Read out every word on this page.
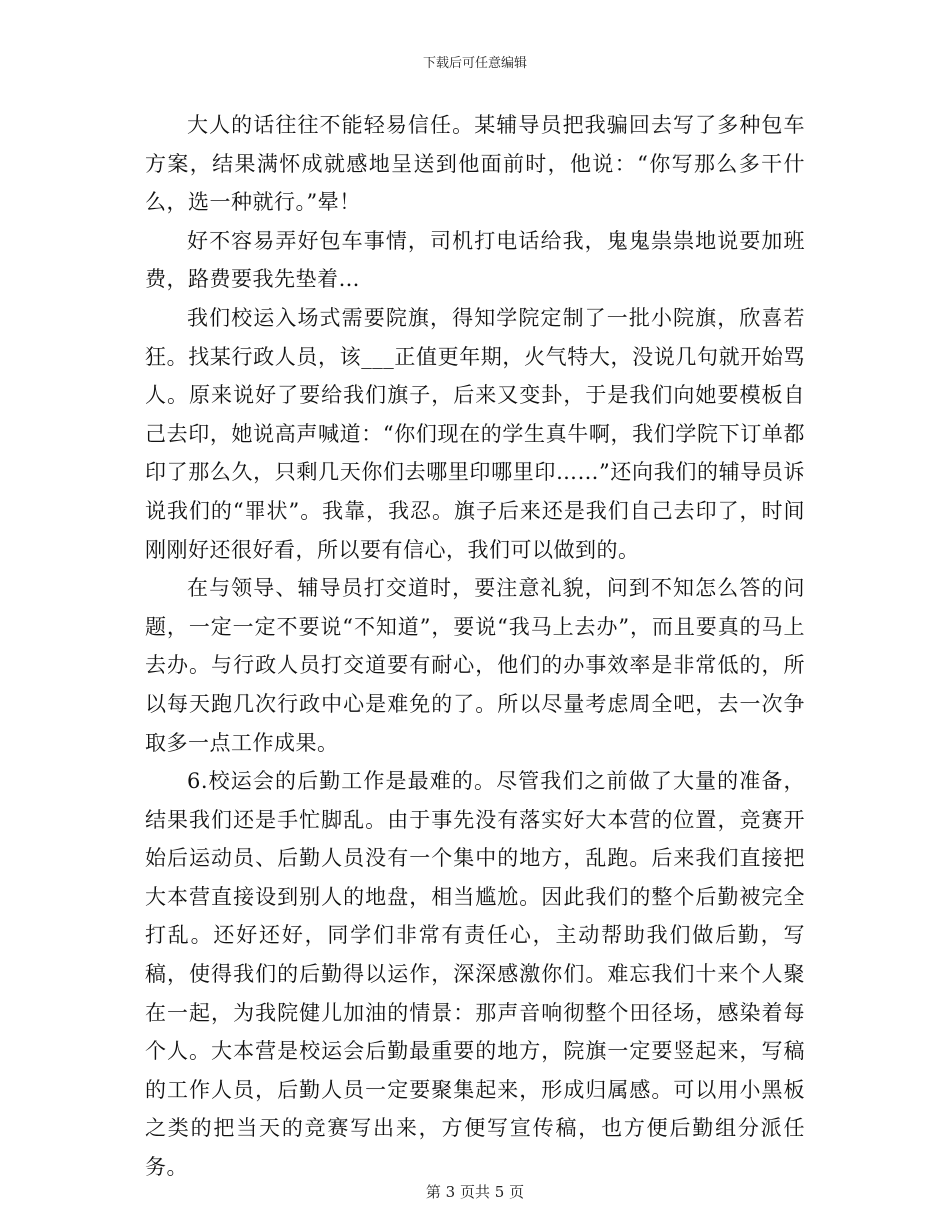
下载后可任意编辑

大人的话往往不能轻易信任。某辅导员把我骗回去写了多种包车方案，结果满怀成就感地呈送到他面前时，他说：“你写那么多干什么，选一种就行。”晕！

好不容易弄好包车事情，司机打电话给我，鬼鬼祟祟地说要加班费，路费要我先垫着…

我们校运入场式需要院旗，得知学院定制了一批小院旗，欣喜若狂。找某行政人员，该___正值更年期，火气特大，没说几句就开始骂人。原来说好了要给我们旗子，后来又变卦，于是我们向她要模板自己去印，她说高声喊道：“你们现在的学生真牛啊，我们学院下订单都印了那么久，只剩几天你们去哪里印哪里印……”还向我们的辅导员诉说我们的“罪状”。我靠，我忍。旗子后来还是我们自己去印了，时间刚刚好还很好看，所以要有信心，我们可以做到的。

在与领导、辅导员打交道时，要注意礼貌，问到不知怎么答的问题，一定一定不要说“不知道”，要说“我马上去办”，而且要真的马上去办。与行政人员打交道要有耐心，他们的办事效率是非常低的，所以每天跑几次行政中心是难免的了。所以尽量考虑周全吧，去一次争取多一点工作成果。

6.校运会的后勤工作是最难的。尽管我们之前做了大量的准备，结果我们还是手忙脚乱。由于事先没有落实好大本营的位置，竞赛开始后运动员、后勤人员没有一个集中的地方，乱跑。后来我们直接把大本营直接设到别人的地盘，相当尴尬。因此我们的整个后勤被完全打乱。还好还好，同学们非常有责任心，主动帮助我们做后勤，写稿，使得我们的后勤得以运作，深深感激你们。难忘我们十来个人聚在一起，为我院健儿加油的情景：那声音响彻整个田径场，感染着每个人。大本营是校运会后勤最重要的地方，院旗一定要竖起来，写稿的工作人员，后勤人员一定要聚集起来，形成归属感。可以用小黑板之类的把当天的竞赛写出来，方便写宣传稿，也方便后勤组分派任务。

第 3 页共 5 页
